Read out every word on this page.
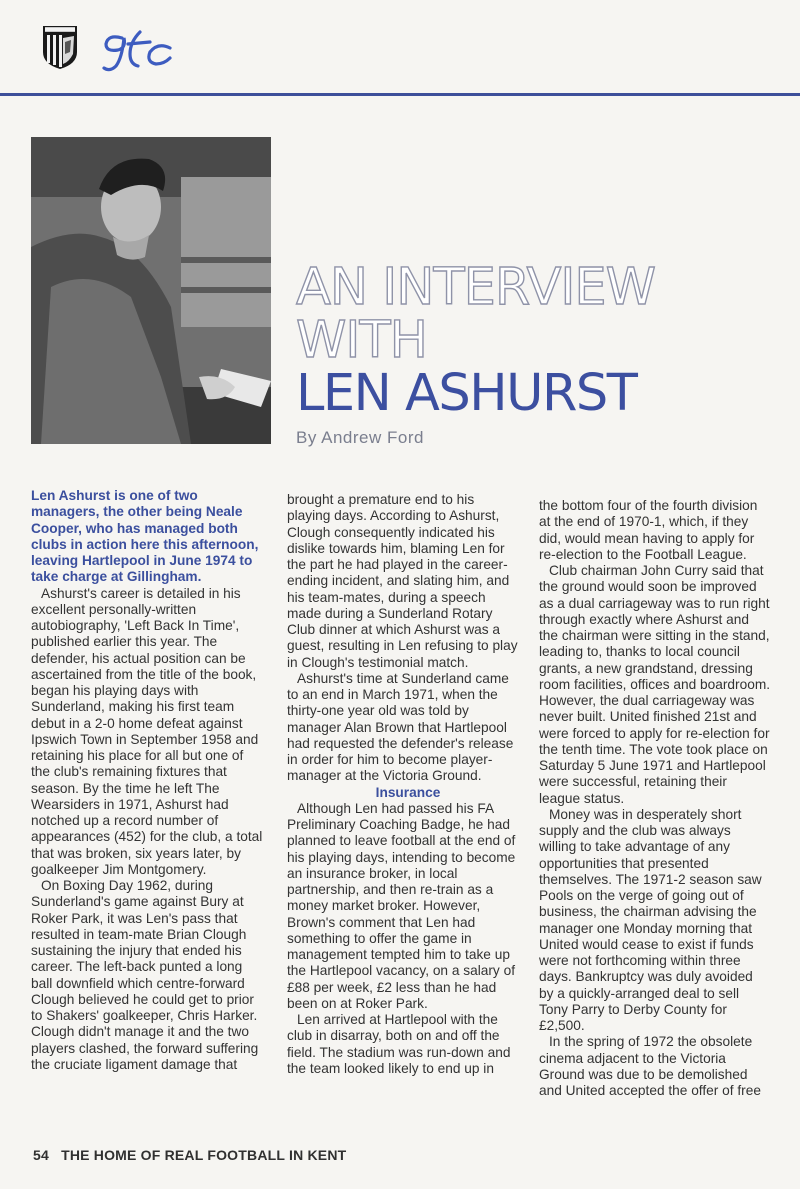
AN INTERVIEW
WITH
LEN ASHURST
By Andrew Ford

Len Ashurst is one of two managers, the other being Neale Cooper, who has managed both clubs in action here this afternoon, leaving Hartlepool in June 1974 to take charge at Gillingham.

Ashurst's career is detailed in his excellent personally-written autobiography, 'Left Back In Time', published earlier this year. The defender, his actual position can be ascertained from the title of the book, began his playing days with Sunderland, making his first team debut in a 2-0 home defeat against Ipswich Town in September 1958 and retaining his place for all but one of the club's remaining fixtures that season. By the time he left The Wearsiders in 1971, Ashurst had notched up a record number of appearances (452) for the club, a total that was broken, six years later, by goalkeeper Jim Montgomery.

On Boxing Day 1962, during Sunderland's game against Bury at Roker Park, it was Len's pass that resulted in team-mate Brian Clough sustaining the injury that ended his career. The left-back punted a long ball downfield which centre-forward Clough believed he could get to prior to Shakers' goalkeeper, Chris Harker. Clough didn't manage it and the two players clashed, the forward suffering the cruciate ligament damage that

brought a premature end to his playing days. According to Ashurst, Clough consequently indicated his dislike towards him, blaming Len for the part he had played in the career-ending incident, and slating him, and his team-mates, during a speech made during a Sunderland Rotary Club dinner at which Ashurst was a guest, resulting in Len refusing to play in Clough's testimonial match.

Ashurst's time at Sunderland came to an end in March 1971, when the thirty-one year old was told by manager Alan Brown that Hartlepool had requested the defender's release in order for him to become player-manager at the Victoria Ground.

Insurance

Although Len had passed his FA Preliminary Coaching Badge, he had planned to leave football at the end of his playing days, intending to become an insurance broker, in local partnership, and then re-train as a money market broker. However, Brown's comment that Len had something to offer the game in management tempted him to take up the Hartlepool vacancy, on a salary of £88 per week, £2 less than he had been on at Roker Park.

Len arrived at Hartlepool with the club in disarray, both on and off the field. The stadium was run-down and the team looked likely to end up in

the bottom four of the fourth division at the end of 1970-1, which, if they did, would mean having to apply for re-election to the Football League.

Club chairman John Curry said that the ground would soon be improved as a dual carriageway was to run right through exactly where Ashurst and the chairman were sitting in the stand, leading to, thanks to local council grants, a new grandstand, dressing room facilities, offices and boardroom. However, the dual carriageway was never built. United finished 21st and were forced to apply for re-election for the tenth time. The vote took place on Saturday 5 June 1971 and Hartlepool were successful, retaining their league status.

Money was in desperately short supply and the club was always willing to take advantage of any opportunities that presented themselves. The 1971-2 season saw Pools on the verge of going out of business, the chairman advising the manager one Monday morning that United would cease to exist if funds were not forthcoming within three days. Bankruptcy was duly avoided by a quickly-arranged deal to sell Tony Parry to Derby County for £2,500.

In the spring of 1972 the obsolete cinema adjacent to the Victoria Ground was due to be demolished and United accepted the offer of free

54 THE HOME OF REAL FOOTBALL IN KENT
